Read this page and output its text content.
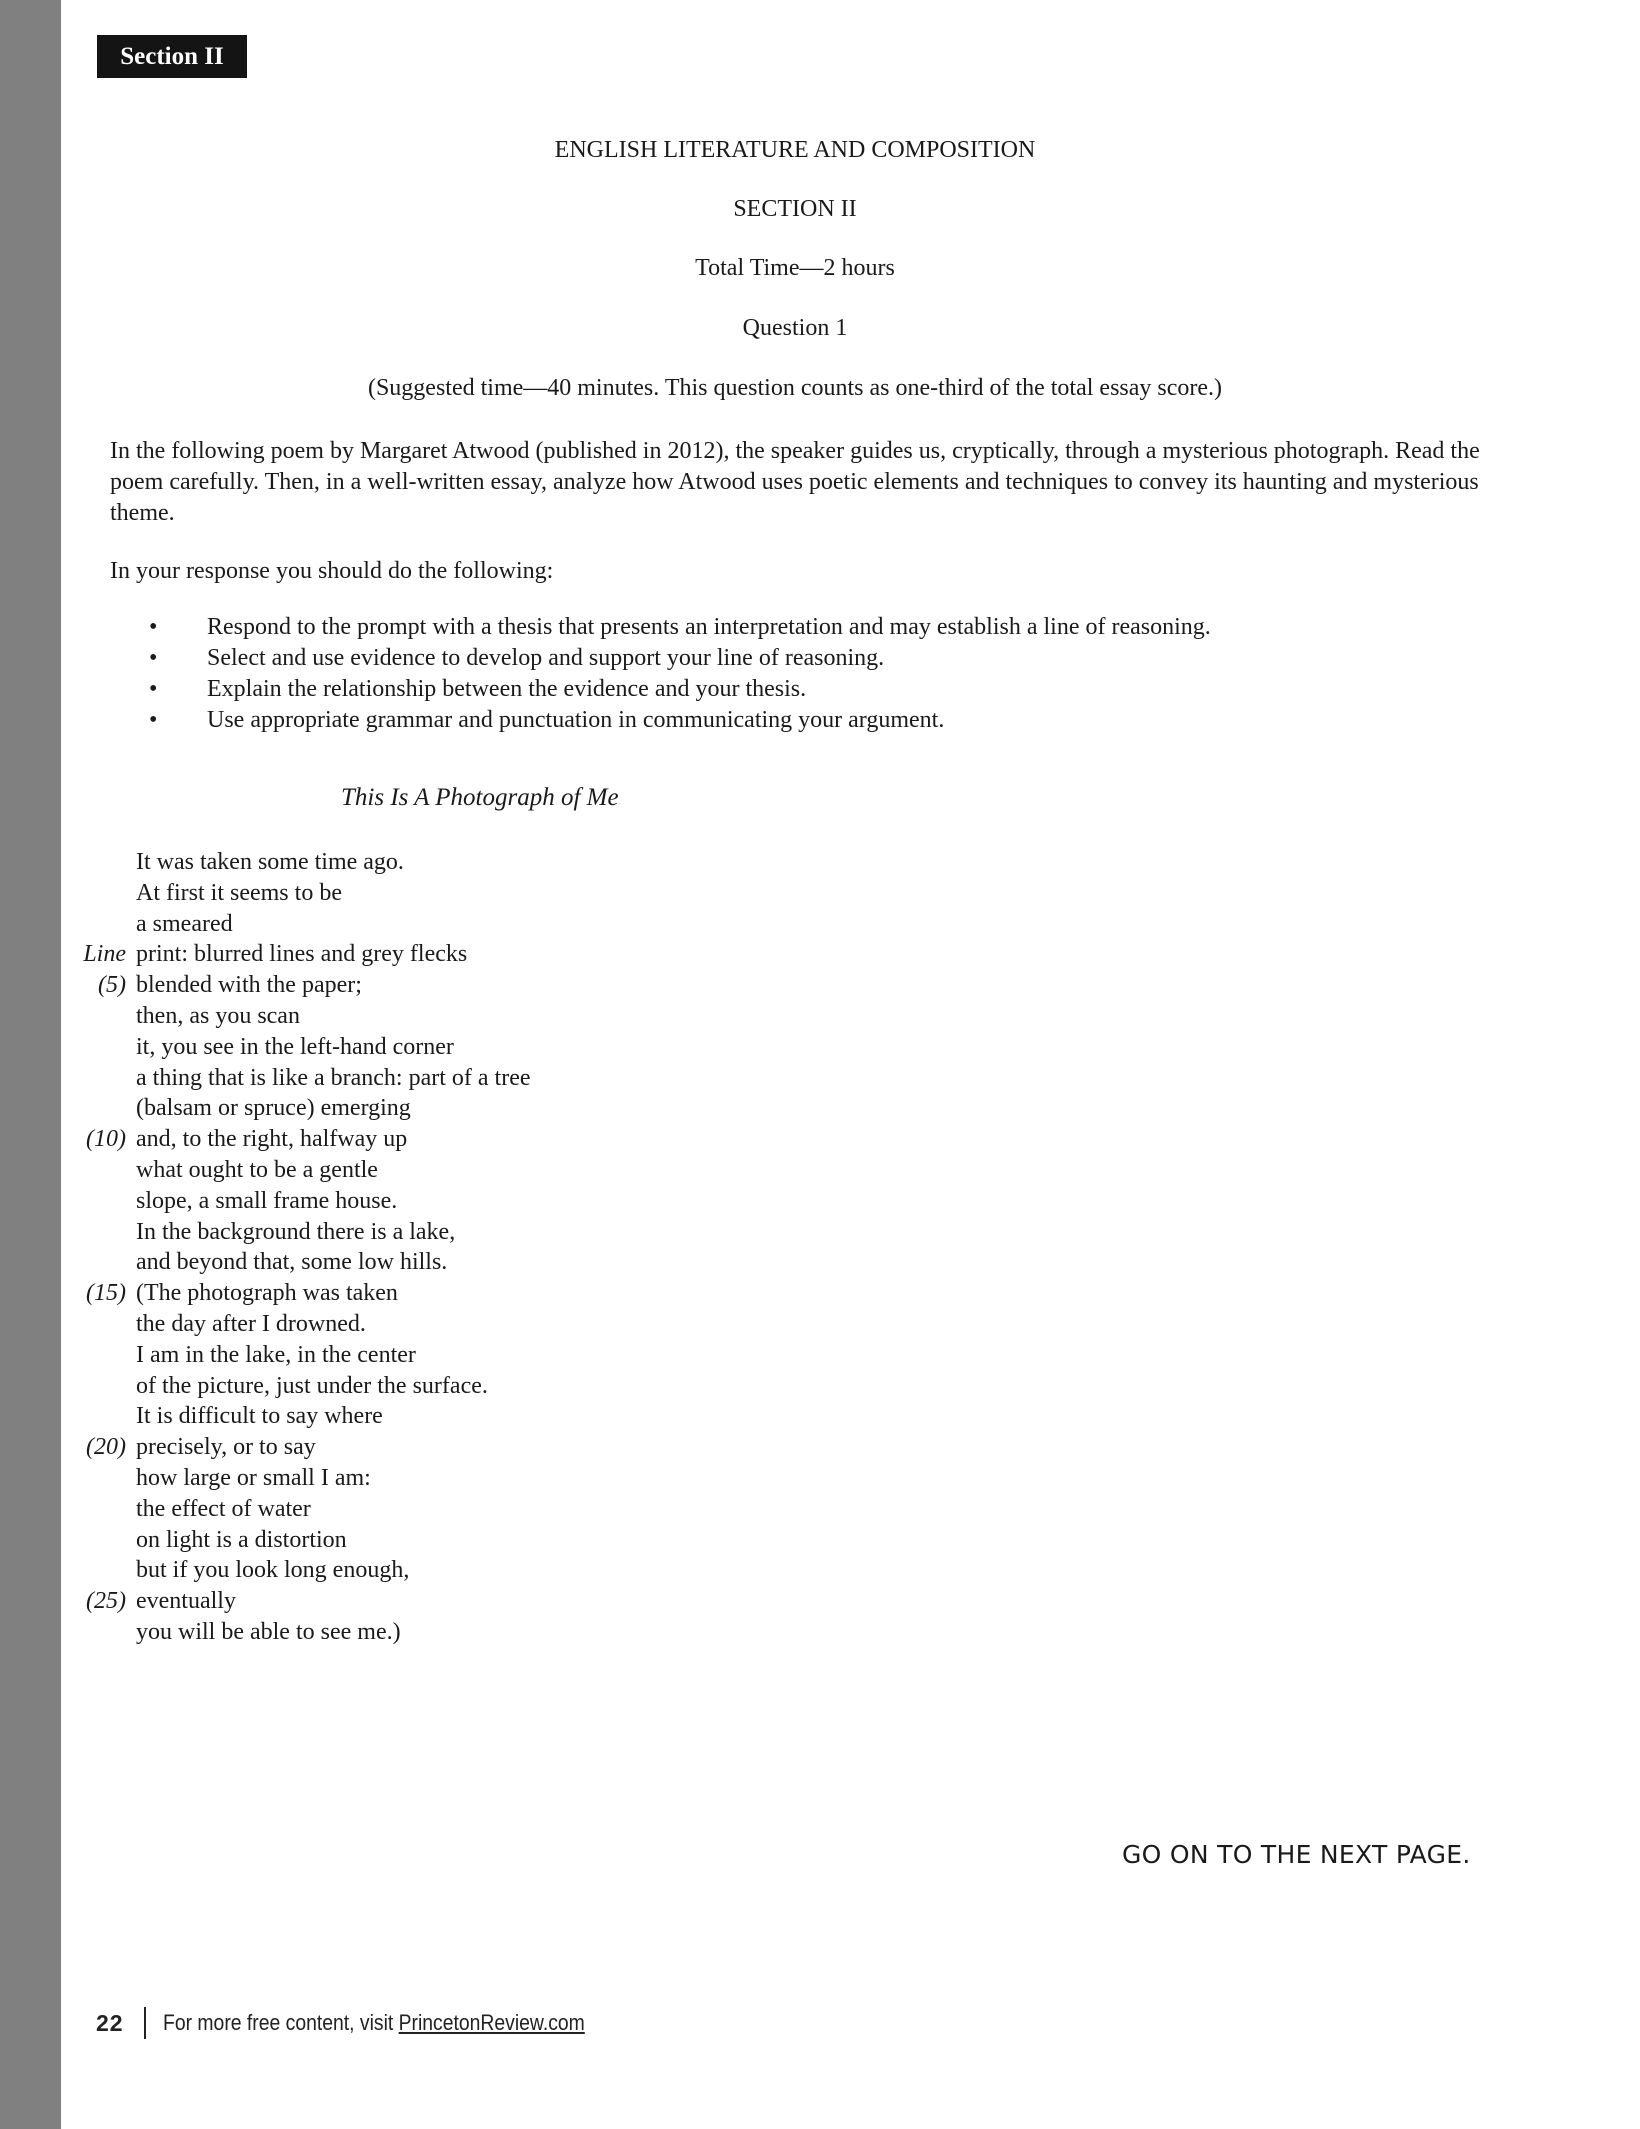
Section II
ENGLISH LITERATURE AND COMPOSITION
SECTION II
Total Time—2 hours
Question 1
(Suggested time—40 minutes. This question counts as one-third of the total essay score.)
In the following poem by Margaret Atwood (published in 2012), the speaker guides us, cryptically, through a mysterious photograph. Read the poem carefully. Then, in a well-written essay, analyze how Atwood uses poetic elements and techniques to convey its haunting and mysterious theme.
In your response you should do the following:
• Respond to the prompt with a thesis that presents an interpretation and may establish a line of reasoning.
• Select and use evidence to develop and support your line of reasoning.
• Explain the relationship between the evidence and your thesis.
• Use appropriate grammar and punctuation in communicating your argument.
This Is A Photograph of Me
It was taken some time ago.
At first it seems to be
a smeared
Line print: blurred lines and grey flecks
(5) blended with the paper;
then, as you scan
it, you see in the left-hand corner
a thing that is like a branch: part of a tree
(balsam or spruce) emerging
(10) and, to the right, halfway up
what ought to be a gentle
slope, a small frame house.
In the background there is a lake,
and beyond that, some low hills.
(15) (The photograph was taken
the day after I drowned.
I am in the lake, in the center
of the picture, just under the surface.
It is difficult to say where
(20) precisely, or to say
how large or small I am:
the effect of water
on light is a distortion
but if you look long enough,
(25) eventually
you will be able to see me.)
GO ON TO THE NEXT PAGE.
22 For more free content, visit PrincetonReview.com
